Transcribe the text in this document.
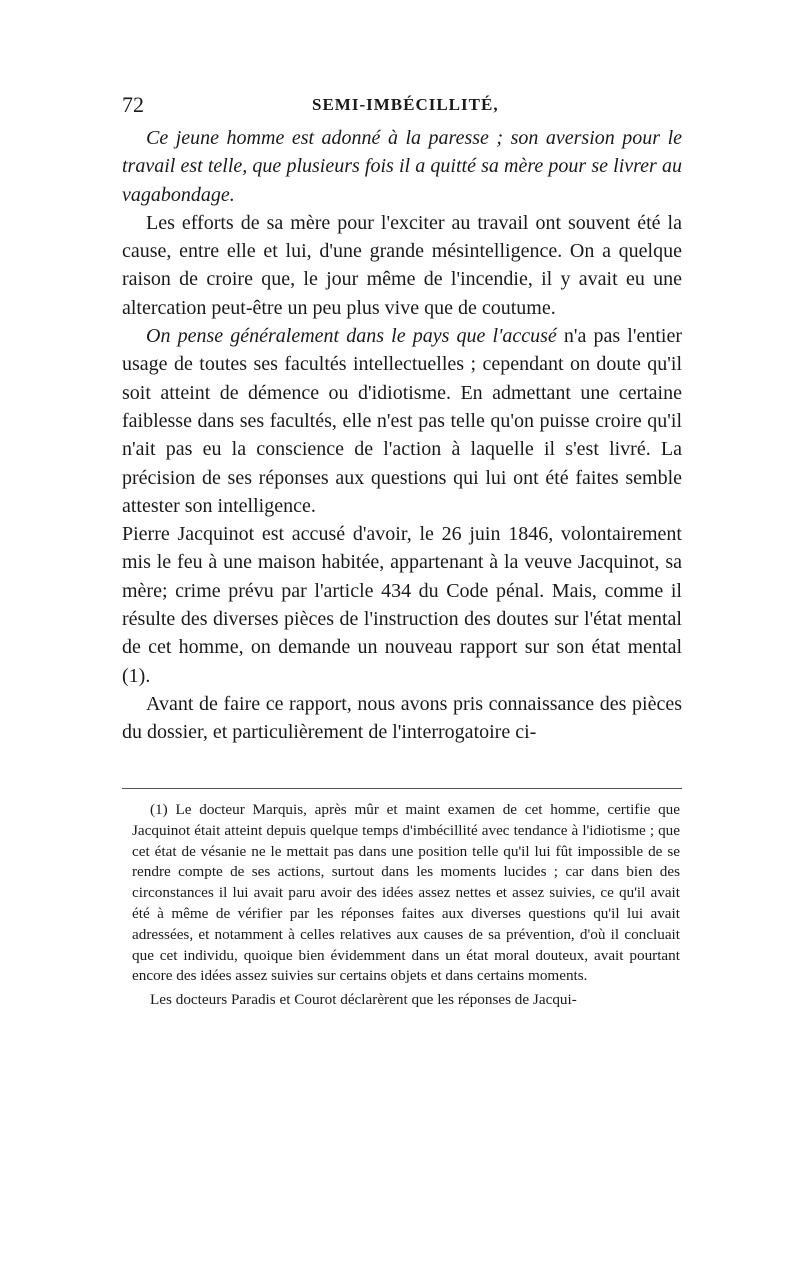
72	SEMI-IMBÉCILLITÉ,

Ce jeune homme est adonné à la paresse ; son aversion pour le travail est telle, que plusieurs fois il a quitté sa mère pour se livrer au vagabondage.

Les efforts de sa mère pour l'exciter au travail ont souvent été la cause, entre elle et lui, d'une grande mésintelligence. On a quelque raison de croire que, le jour même de l'incendie, il y avait eu une altercation peut-être un peu plus vive que de coutume.

On pense généralement dans le pays que l'accusé n'a pas l'entier usage de toutes ses facultés intellectuelles ; cependant on doute qu'il soit atteint de démence ou d'idiotisme. En admettant une certaine faiblesse dans ses facultés, elle n'est pas telle qu'on puisse croire qu'il n'ait pas eu la conscience de l'action à laquelle il s'est livré. La précision de ses réponses aux questions qui lui ont été faites semble attester son intelligence.

Pierre Jacquinot est accusé d'avoir, le 26 juin 1846, volontairement mis le feu à une maison habitée, appartenant à la veuve Jacquinot, sa mère; crime prévu par l'article 434 du Code pénal. Mais, comme il résulte des diverses pièces de l'instruction des doutes sur l'état mental de cet homme, on demande un nouveau rapport sur son état mental (1).

Avant de faire ce rapport, nous avons pris connaissance des pièces du dossier, et particulièrement de l'interrogatoire ci-

(1) Le docteur Marquis, après mûr et maint examen de cet homme, certifie que Jacquinot était atteint depuis quelque temps d'imbécillité avec tendance à l'idiotisme ; que cet état de vésanie ne le mettait pas dans une position telle qu'il lui fût impossible de se rendre compte de ses actions, surtout dans les moments lucides ; car dans bien des circonstances il lui avait paru avoir des idées assez nettes et assez suivies, ce qu'il avait été à même de vérifier par les réponses faites aux diverses questions qu'il lui avait adressées, et notamment à celles relatives aux causes de sa prévention, d'où il concluait que cet individu, quoique bien évidemment dans un état moral douteux, avait pourtant encore des idées assez suivies sur certains objets et dans certains moments.

Les docteurs Paradis et Courot déclarèrent que les réponses de Jacqui-
